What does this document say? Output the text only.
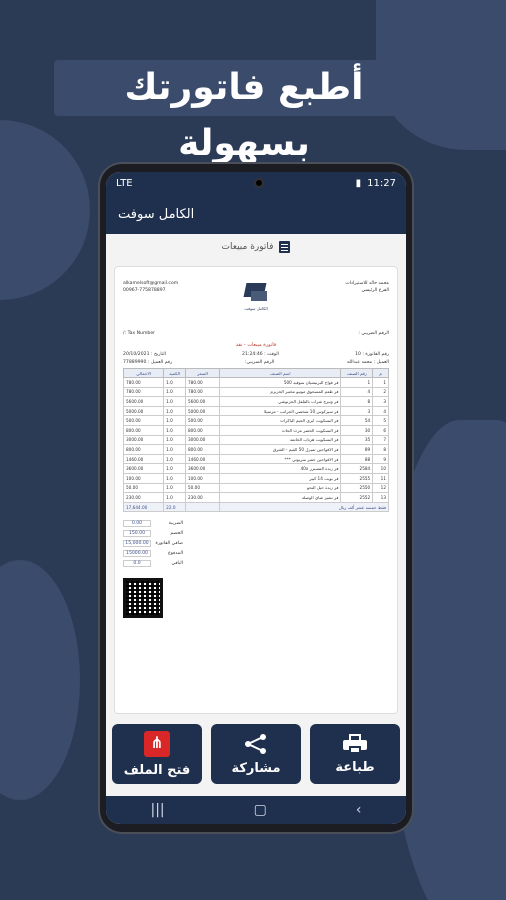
أطبع فاتورتك بسهولة
LTE	▮ 11:27
الكامل سوفت
فاتورة مبيعات
alkamelsoft@gmail.com
00967-775878897
الكامل سوفت
محمد خالد للاستيرادات
الفرع الرئيسي
الرقم الضريبي :
Tax Number :/
فاتورة مبيعات - نقد
رقم الفاتورة : 10
الوقت : 21:24:46
التاريخ : 20/10/2021
العميل : محمد عبدالله
الرقم الضريبي:
رقم العميل : 77889990
م	رقم الصنف	اسم الصنف	السعر	الكمية	الاجمالي
1	1	فر فواج البرنيشيان سوفيه 500	780.00	1.0	780.00
2	4	فر طعم المسحوق موتيو مختبر الجزيرم	780.00	1.0	780.00
3	8	فر ونبرج شراب بالفلفل الحرنوشي	5600.00	1.0	5600.00
4	3	فر سيركوس 10 شخصي الجرانب - مرسيلا	5000.00	1.0	5000.00
5	54	فر البسكويت ايري الجيم الباكرات	500.00	1.0	500.00
6	30	فر البسكويت الخضر مرت الجات	800.00	1.0	800.00
7	35	فر البسكويت هرتاب الخاتمة	3000.00	1.0	3000.00
8	89	فر الافواجين تميزل 50 القيم - الشرق	800.00	1.0	800.00
9	88	فر الافواجين جفير سريوتي ***	1460.00	1.0	1460.00
10	2584	فر زبدة المسبرر 40x	3600.00	1.0	3600.00
11	2555	فر بويت 14 كبير	100.00	1.0	100.00
12	2550	فر زبدة حيل النحو	50.00	1.0	50.00
13	2552	فر تشيز شاي الوصلة	230.00	1.0	230.00
فقط خمسة عشر ألف ريال				22.0	17,644.00
الضريبة
0.00
الخصم
150.00
صافي الفاتورة
15,000.00
المدفوع
15000.00
الباقي
0.0
طباعة
مشاركة
⋔
فتح الملف
|||	▢	‹
